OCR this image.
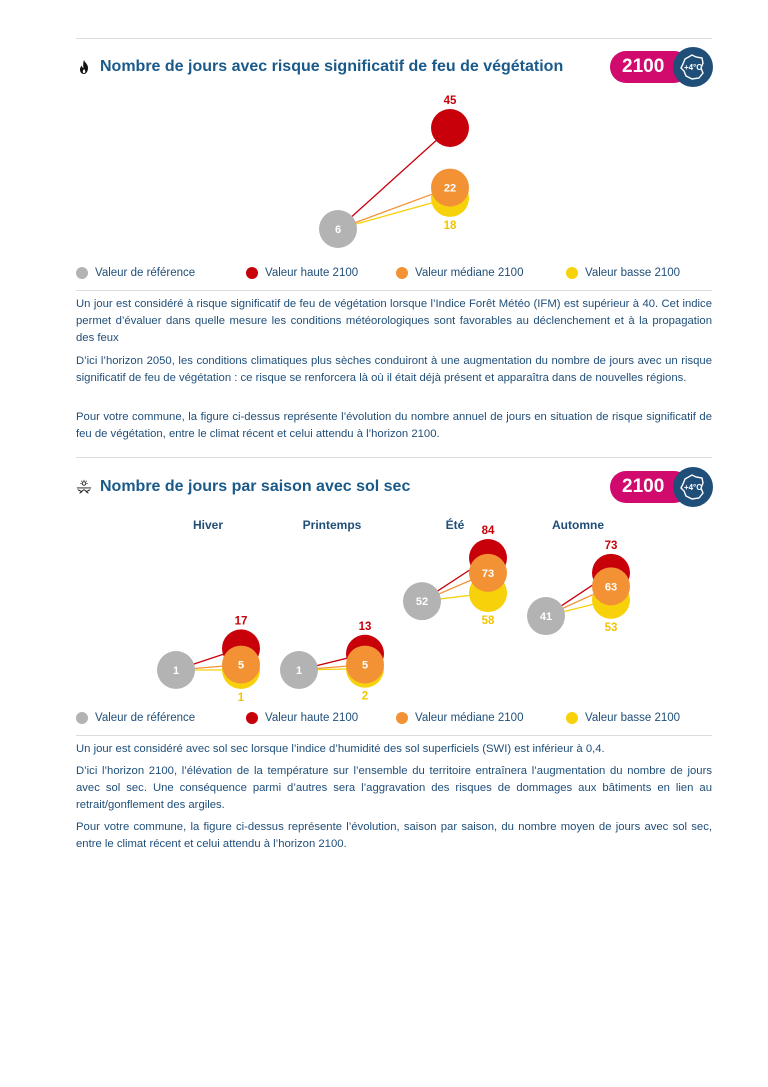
Nombre de jours avec risque significatif de feu de végétation	2100	+4°C
6
22
45
18
Valeur de référence	Valeur haute 2100	Valeur médiane 2100	Valeur basse 2100

Un jour est considéré à risque significatif de feu de végétation lorsque l’Indice Forêt Météo (IFM) est supérieur à 40. Cet indice permet d’évaluer dans quelle mesure les conditions météorologiques sont favorables au déclenchement et à la propagation des feux

D’ici l’horizon 2050, les conditions climatiques plus sèches conduiront à une augmentation du nombre de jours avec un risque significatif de feu de végétation : ce risque se renforcera là où il était déjà présent et apparaîtra dans de nouvelles régions.

Pour votre commune, la figure ci-dessus représente l’évolution du nombre annuel de jours en situation de risque significatif de feu de végétation, entre le climat récent et celui attendu à l’horizon 2100.

Nombre de jours par saison avec sol sec	2100	+4°C
Hiver	Printemps	Été	Automne
1	5
17
1
1	5
13
2
52
73
84
58	41
63
73
53
Valeur de référence	Valeur haute 2100	Valeur médiane 2100	Valeur basse 2100

Un jour est considéré avec sol sec lorsque l’indice d’humidité des sol superficiels (SWI) est inférieur à 0,4.

D’ici l’horizon 2100, l’élévation de la température sur l’ensemble du territoire entraînera l’augmentation du nombre de jours avec sol sec. Une conséquence parmi d’autres sera l’aggravation des risques de dommages aux bâtiments en lien au retrait/gonflement des argiles.

Pour votre commune, la figure ci-dessus représente l’évolution, saison par saison, du nombre moyen de jours avec sol sec, entre le climat récent et celui attendu à l’horizon 2100.
